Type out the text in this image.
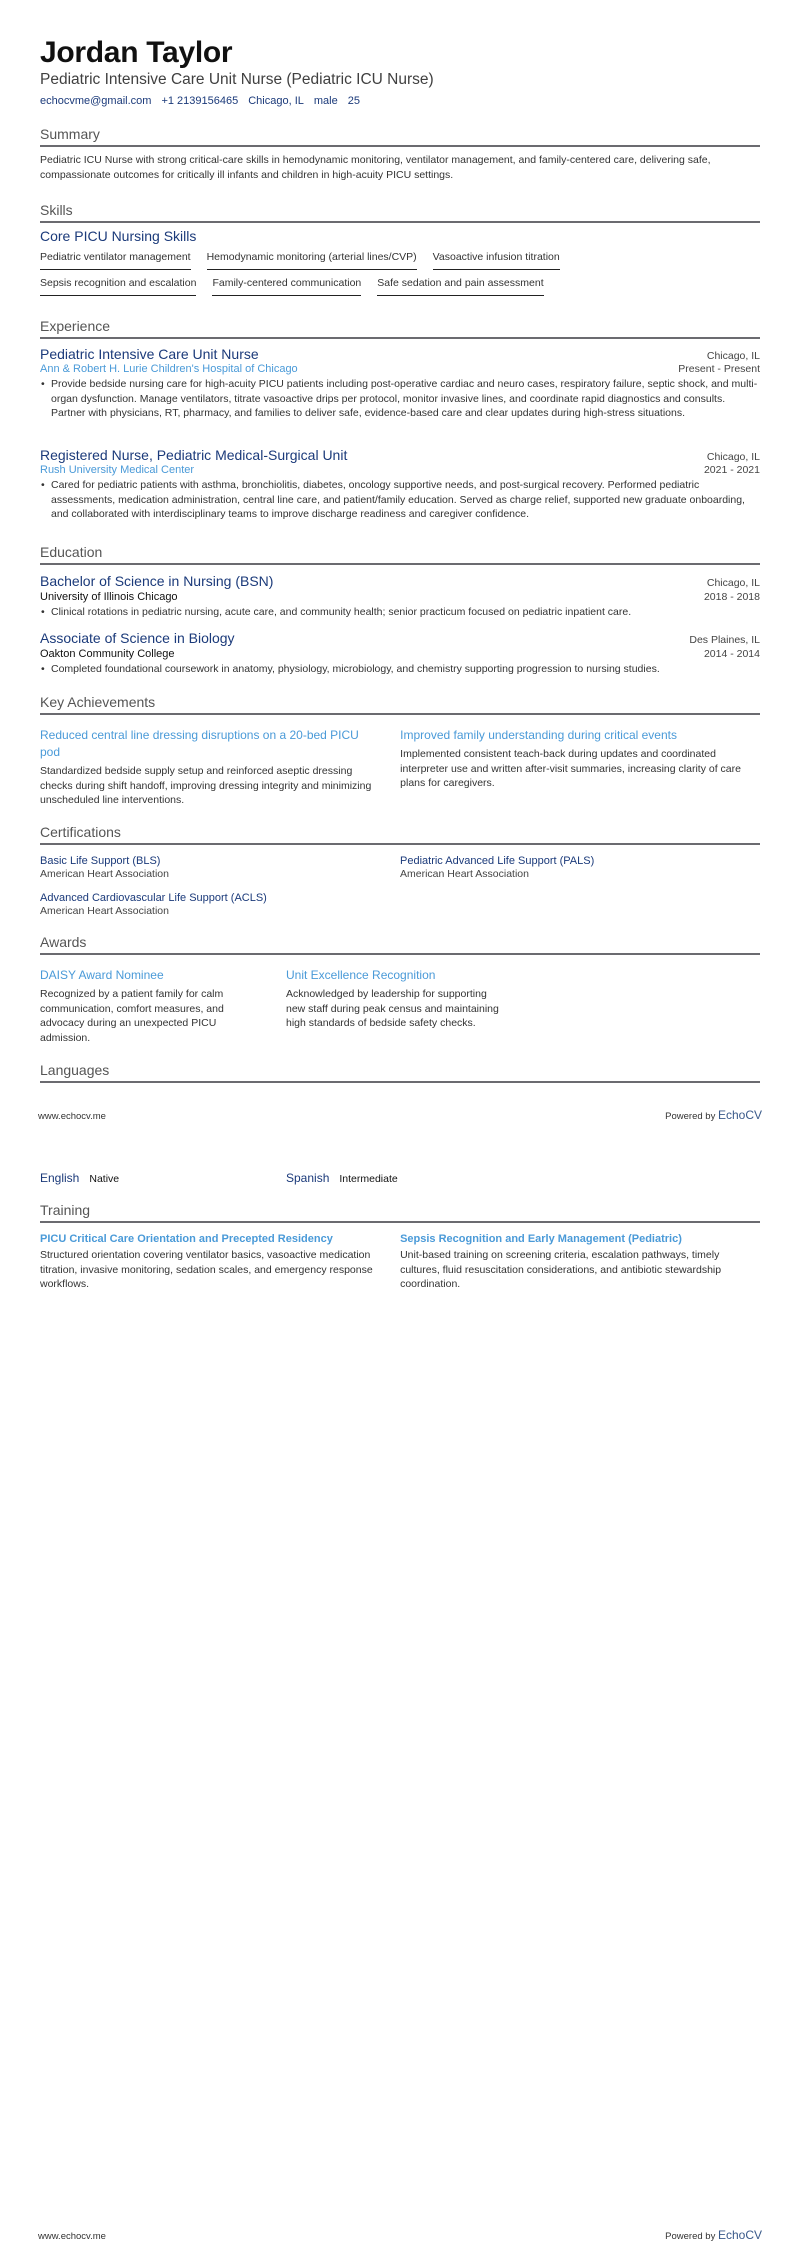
Jordan Taylor
Pediatric Intensive Care Unit Nurse (Pediatric ICU Nurse)
echocvme@gmail.com +1 2139156465 Chicago, IL male 25
Summary
Pediatric ICU Nurse with strong critical-care skills in hemodynamic monitoring, ventilator management, and family-centered care, delivering safe, compassionate outcomes for critically ill infants and children in high-acuity PICU settings.
Skills
Core PICU Nursing Skills
Pediatric ventilator management Hemodynamic monitoring (arterial lines/CVP) Vasoactive infusion titration
Sepsis recognition and escalation Family-centered communication Safe sedation and pain assessment
Experience
Pediatric Intensive Care Unit Nurse	Chicago, IL
Ann & Robert H. Lurie Children's Hospital of Chicago	Present - Present
• Provide bedside nursing care for high-acuity PICU patients including post-operative cardiac and neuro cases, respiratory failure, septic shock, and multi-organ dysfunction. Manage ventilators, titrate vasoactive drips per protocol, monitor invasive lines, and coordinate rapid diagnostics and consults. Partner with physicians, RT, pharmacy, and families to deliver safe, evidence-based care and clear updates during high-stress situations.
Registered Nurse, Pediatric Medical-Surgical Unit	Chicago, IL
Rush University Medical Center	2021 - 2021
• Cared for pediatric patients with asthma, bronchiolitis, diabetes, oncology supportive needs, and post-surgical recovery. Performed pediatric assessments, medication administration, central line care, and patient/family education. Served as charge relief, supported new graduate onboarding, and collaborated with interdisciplinary teams to improve discharge readiness and caregiver confidence.
Education
Bachelor of Science in Nursing (BSN)	Chicago, IL
University of Illinois Chicago	2018 - 2018
• Clinical rotations in pediatric nursing, acute care, and community health; senior practicum focused on pediatric inpatient care.
Associate of Science in Biology	Des Plaines, IL
Oakton Community College	2014 - 2014
• Completed foundational coursework in anatomy, physiology, microbiology, and chemistry supporting progression to nursing studies.
Key Achievements
Reduced central line dressing disruptions on a 20-bed PICU pod
Standardized bedside supply setup and reinforced aseptic dressing checks during shift handoff, improving dressing integrity and minimizing unscheduled line interventions.
Improved family understanding during critical events
Implemented consistent teach-back during updates and coordinated interpreter use and written after-visit summaries, increasing clarity of care plans for caregivers.
Certifications
Basic Life Support (BLS)
American Heart Association
Pediatric Advanced Life Support (PALS)
American Heart Association
Advanced Cardiovascular Life Support (ACLS)
American Heart Association
Awards
DAISY Award Nominee
Recognized by a patient family for calm communication, comfort measures, and advocacy during an unexpected PICU admission.
Unit Excellence Recognition
Acknowledged by leadership for supporting new staff during peak census and maintaining high standards of bedside safety checks.
Languages
English Native	Spanish Intermediate
Training
PICU Critical Care Orientation and Precepted Residency
Structured orientation covering ventilator basics, vasoactive medication titration, invasive monitoring, sedation scales, and emergency response workflows.
Sepsis Recognition and Early Management (Pediatric)
Unit-based training on screening criteria, escalation pathways, timely cultures, fluid resuscitation considerations, and antibiotic stewardship coordination.
www.echocv.me	Powered by EchoCV
www.echocv.me	Powered by EchoCV
